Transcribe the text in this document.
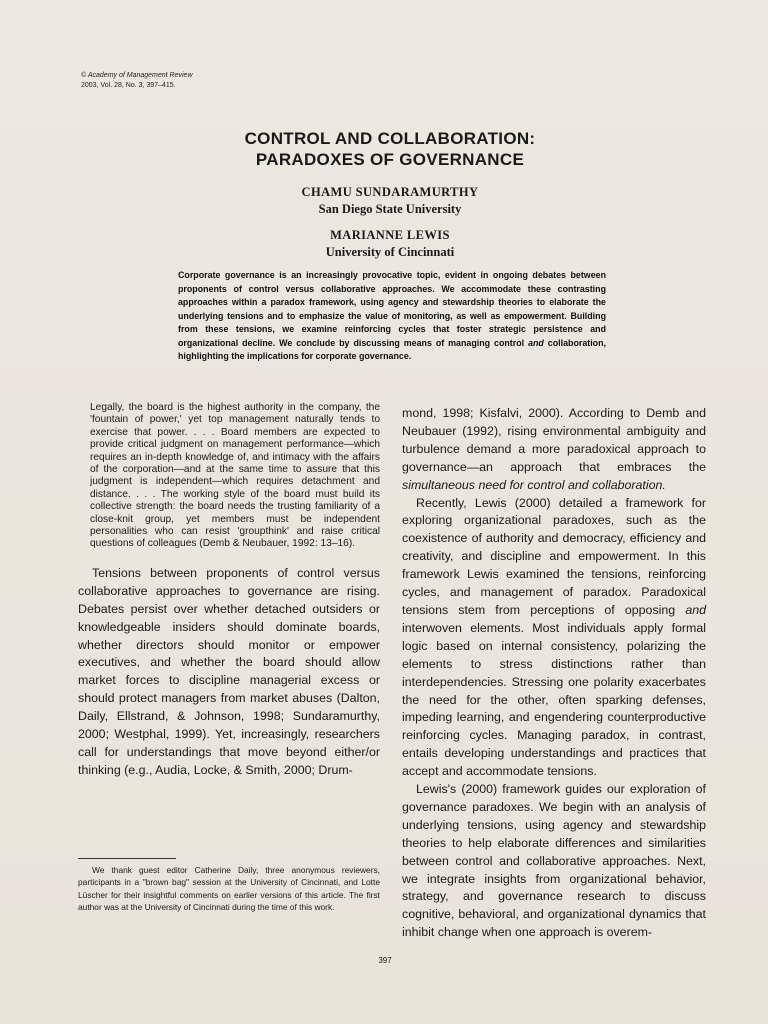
© Academy of Management Review
2003, Vol. 28, No. 3, 397–415.
CONTROL AND COLLABORATION:
PARADOXES OF GOVERNANCE
CHAMU SUNDARAMURTHY
San Diego State University
MARIANNE LEWIS
University of Cincinnati
Corporate governance is an increasingly provocative topic, evident in ongoing debates between proponents of control versus collaborative approaches. We accommodate these contrasting approaches within a paradox framework, using agency and stewardship theories to elaborate the underlying tensions and to emphasize the value of monitoring, as well as empowerment. Building from these tensions, we examine reinforcing cycles that foster strategic persistence and organizational decline. We conclude by discussing means of managing control and collaboration, highlighting the implications for corporate governance.

Legally, the board is the highest authority in the company, the 'fountain of power,' yet top management naturally tends to exercise that power. . . . Board members are expected to provide critical judgment on management performance—which requires an in-depth knowledge of, and intimacy with the affairs of the corporation—and at the same time to assure that this judgment is independent—which requires detachment and distance. . . . The working style of the board must build its collective strength: the board needs the trusting familiarity of a close-knit group, yet members must be independent personalities who can resist 'groupthink' and raise critical questions of colleagues (Demb & Neubauer, 1992: 13–16).

Tensions between proponents of control versus collaborative approaches to governance are rising. Debates persist over whether detached outsiders or knowledgeable insiders should dominate boards, whether directors should monitor or empower executives, and whether the board should allow market forces to discipline managerial excess or should protect managers from market abuses (Dalton, Daily, Ellstrand, & Johnson, 1998; Sundaramurthy, 2000; Westphal, 1999). Yet, increasingly, researchers call for understandings that move beyond either/or thinking (e.g., Audia, Locke, & Smith, 2000; Drum-

mond, 1998; Kisfalvi, 2000). According to Demb and Neubauer (1992), rising environmental ambiguity and turbulence demand a more paradoxical approach to governance—an approach that embraces the simultaneous need for control and collaboration.

Recently, Lewis (2000) detailed a framework for exploring organizational paradoxes, such as the coexistence of authority and democracy, efficiency and creativity, and discipline and empowerment. In this framework Lewis examined the tensions, reinforcing cycles, and management of paradox. Paradoxical tensions stem from perceptions of opposing and interwoven elements. Most individuals apply formal logic based on internal consistency, polarizing the elements to stress distinctions rather than interdependencies. Stressing one polarity exacerbates the need for the other, often sparking defenses, impeding learning, and engendering counterproductive reinforcing cycles. Managing paradox, in contrast, entails developing understandings and practices that accept and accommodate tensions.

Lewis's (2000) framework guides our exploration of governance paradoxes. We begin with an analysis of underlying tensions, using agency and stewardship theories to help elaborate differences and similarities between control and collaborative approaches. Next, we integrate insights from organizational behavior, strategy, and governance research to discuss cognitive, behavioral, and organizational dynamics that inhibit change when one approach is overem-

We thank guest editor Catherine Daily, three anonymous reviewers, participants in a "brown bag" session at the University of Cincinnati, and Lotte Lüscher for their insightful comments on earlier versions of this article. The first author was at the University of Cincinnati during the time of this work.
397
